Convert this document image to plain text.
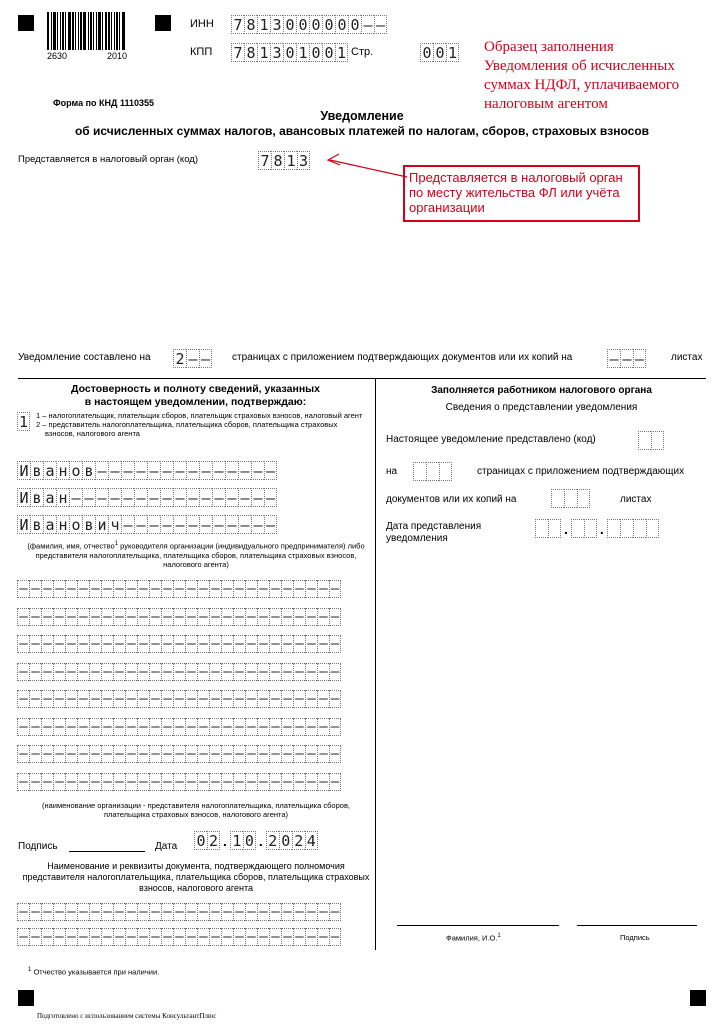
2630	2010
ИНН 7 8 1 3 0 0 0 0 0 0 – –
КПП 7 8 1 3 0 1 0 0 1 Стр.	0 0 1 Образец заполнения
Уведомления об исчисленных
суммах НДФЛ, уплачиваемого
налоговым агентом
Форма по КНД 1110355
Уведомление
об исчисленных суммах налогов, авансовых платежей по налогам, сборов, страховых взносов
Представляется в налоговый орган (код)	7 8 1 3
Представляется в налоговый орган по месту жительства ФЛ или учёта организации
Уведомление составлено на 2 – – страницах с приложением подтверждающих документов или их копий на – – –	листах
Достоверность и полноту сведений, указанных
в настоящем уведомлении, подтверждаю:
1 1 – налогоплательщик, плательщик сборов, плательщик страховых взносов, налоговый агент
2 – представитель налогоплательщика, плательщика сборов, плательщика страховых взносов, налогового агента
И в а н о в – – – – – – – – – – – – – –
И в а н – – – – – – – – – – – – – – – –
И в а н о в и ч – – – – – – – – – – – –
(фамилия, имя, отчество$^1$ руководителя организации (индивидуального предпринимателя) либо представителя налогоплательщика, плательщика сборов, плательщика страховых взносов, налогового агента)
– – – – – – – – – – – – – – – – – – – – – – – – – – –
– – – – – – – – – – – – – – – – – – – – – – – – – – –
– – – – – – – – – – – – – – – – – – – – – – – – – – –
– – – – – – – – – – – – – – – – – – – – – – – – – – –
– – – – – – – – – – – – – – – – – – – – – – – – – – –
– – – – – – – – – – – – – – – – – – – – – – – – – – –
– – – – – – – – – – – – – – – – – – – – – – – – – – –
– – – – – – – – – – – – – – – – – – – – – – – – – – –
(наименование организации - представителя налогоплательщика, плательщика сборов, плательщика страховых взносов, налогового агента)
Подпись	Дата 0 2 . 1 0 . 2 0 2 4
Наименование и реквизиты документа, подтверждающего полномочия представителя налогоплательщика, плательщика сборов, плательщика страховых взносов, налогового агента
– – – – – – – – – – – – – – – – – – – – – – – – – – –
– – – – – – – – – – – – – – – – – – – – – – – – – – –
Заполняется работником налогового органа
Сведения о представлении уведомления
Настоящее уведомление представлено (код)
на	страницах с приложением подтверждающих
документов или их копий на	листах
Дата представления уведомления
. .
Фамилия, И.О.$^1$	Подпись
$^1$ Отчество указывается при наличии.
Подготовлено с использованием системы КонсультантПлюс
